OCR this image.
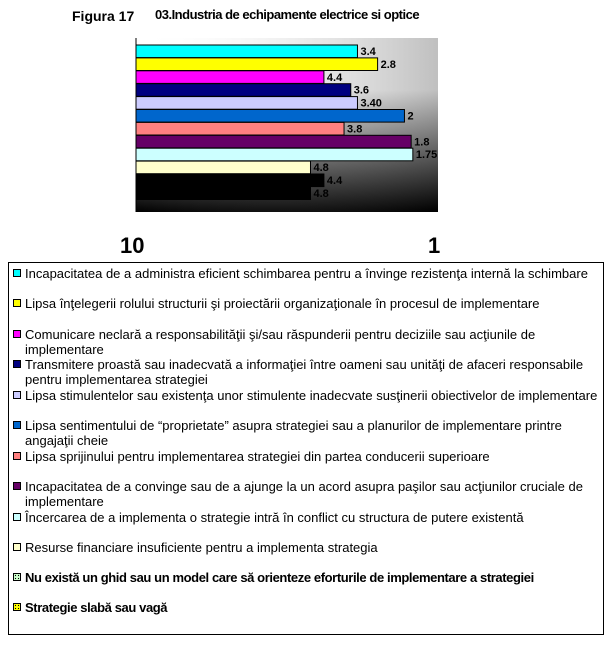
Figura 17 03.Industria de echipamente electrice si optice
3.4
2.8
4.4
3.6
3.40
2
3.8
1.8
1.75
4.8
4.4
4.8
10	1
Incapacitatea de a administra eficient schimbarea pentru a învinge rezistenţa internă la schimbare
Lipsa înţelegerii rolului structurii şi proiectării organizaţionale în procesul de implementare
Comunicare neclară a responsabilităţii şi/sau răspunderii pentru deciziile sau acţiunile de implementare
Transmitere proastă sau inadecvată a informaţiei între oameni sau unităţi de afaceri responsabile pentru implementarea strategiei
Lipsa stimulentelor sau existenţa unor stimulente inadecvate susţinerii obiectivelor de implementare
Lipsa sentimentului de “proprietate” asupra strategiei sau a planurilor de implementare printre angajaţii cheie
Lipsa sprijinului pentru implementarea strategiei din partea conducerii superioare
Incapacitatea de a convinge sau de a ajunge la un acord asupra paşilor sau acţiunilor cruciale de implementare
Încercarea de a implementa o strategie intră în conflict cu structura de putere existentă
Resurse financiare insuficiente pentru a implementa strategia
Nu există un ghid sau un model care să orienteze eforturile de implementare a strategiei
Strategie slabă sau vagă
